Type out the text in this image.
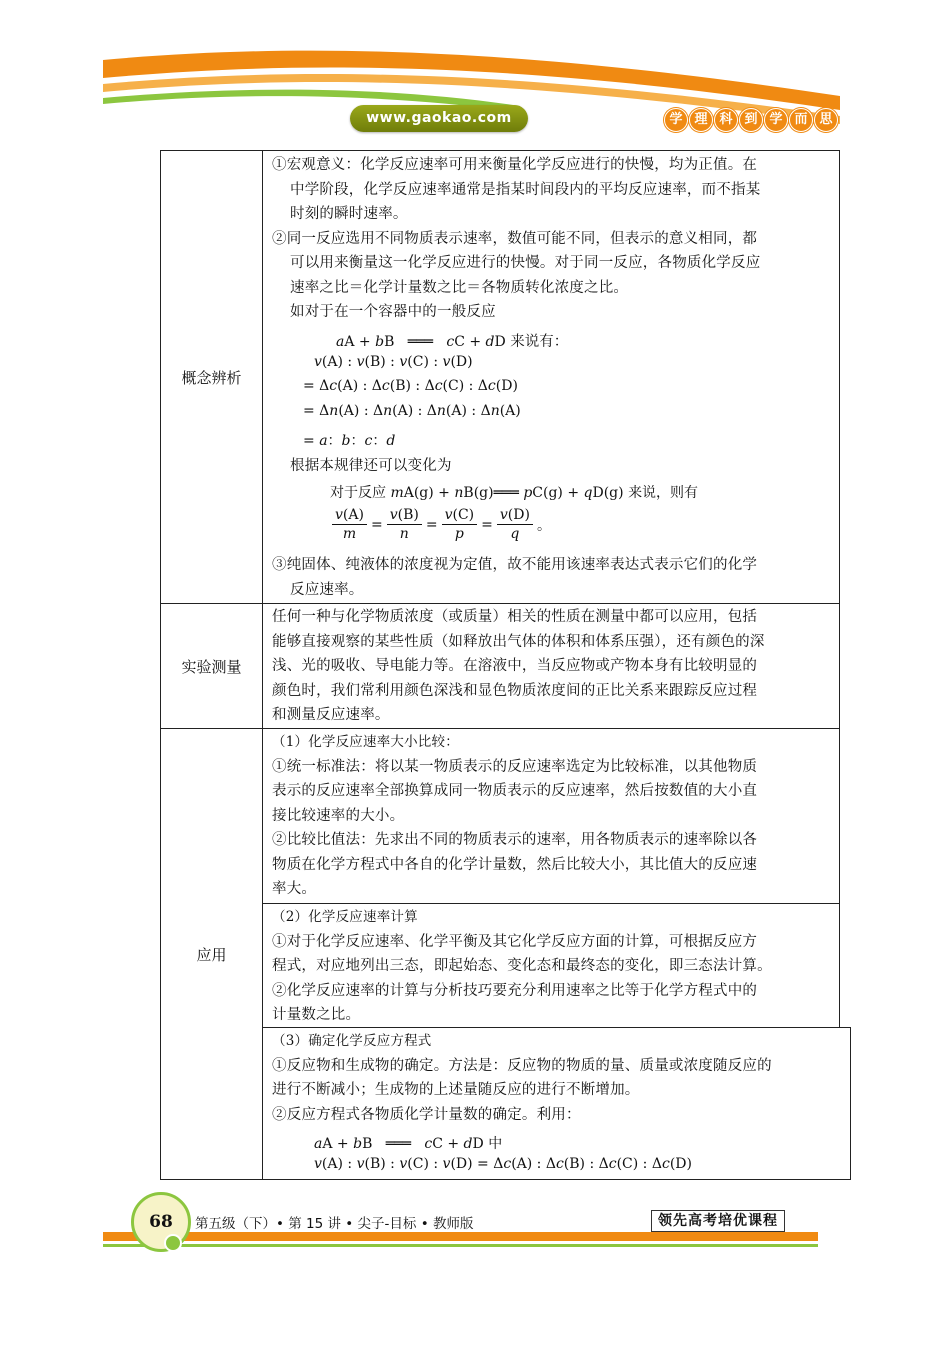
www.gaokao.com	学 理 科 到 学 而 思
概念辨析
①宏观意义：化学反应速率可用来衡量化学反应进行的快慢，均为正值。在
中学阶段，化学反应速率通常是指某时间段内的平均反应速率，而不指某
时刻的瞬时速率。
②同一反应选用不同物质表示速率，数值可能不同，但表示的意义相同，都
可以用来衡量这一化学反应进行的快慢。对于同一反应，各物质化学反应
速率之比＝化学计量数之比＝各物质转化浓度之比。
如对于在一个容器中的一般反应
aA + bB   ═══   cC + dD 来说有：
v(A) : v(B) : v(C) : v(D)
= Δc(A) : Δc(B) : Δc(C) : Δc(D)
= Δn(A) : Δn(A) : Δn(A) : Δn(A)
= a：b：c：d
根据本规律还可以变化为
对于反应 mA(g) + nB(g)═══ pC(g) + qD(g) 来说，则有
$\frac{v(A)}{m} = \frac{v(B)}{n} = \frac{v(C)}{p} = \frac{v(D)}{q}$ 。
③纯固体、纯液体的浓度视为定值，故不能用该速率表达式表示它们的化学
反应速率。
实验测量
任何一种与化学物质浓度（或质量）相关的性质在测量中都可以应用，包括
能够直接观察的某些性质（如释放出气体的体积和体系压强），还有颜色的深
浅、光的吸收、导电能力等。在溶液中，当反应物或产物本身有比较明显的
颜色时，我们常利用颜色深浅和显色物质浓度间的正比关系来跟踪反应过程
和测量反应速率。
应用
（1）化学反应速率大小比较：
①统一标准法：将以某一物质表示的反应速率选定为比较标准，以其他物质
表示的反应速率全部换算成同一物质表示的反应速率，然后按数值的大小直
接比较速率的大小。
②比较比值法：先求出不同的物质表示的速率，用各物质表示的速率除以各
物质在化学方程式中各自的化学计量数，然后比较大小，其比值大的反应速
率大。
（2）化学反应速率计算
①对于化学反应速率、化学平衡及其它化学反应方面的计算，可根据反应方
程式，对应地列出三态，即起始态、变化态和最终态的变化，即三态法计算。
②化学反应速率的计算与分析技巧要充分利用速率之比等于化学方程式中的
计量数之比。
（3）确定化学反应方程式
①反应物和生成物的确定。方法是：反应物的物质的量、质量或浓度随反应的
进行不断减小；生成物的上述量随反应的进行不断增加。
②反应方程式各物质化学计量数的确定。利用：
aA + bB   ═══   cC + dD 中
v(A) : v(B) : v(C) : v(D) = Δc(A) : Δc(B) : Δc(C) : Δc(D)
68	第五级（下）• 第 15 讲 • 尖子-目标 • 教师版	领先高考培优课程
